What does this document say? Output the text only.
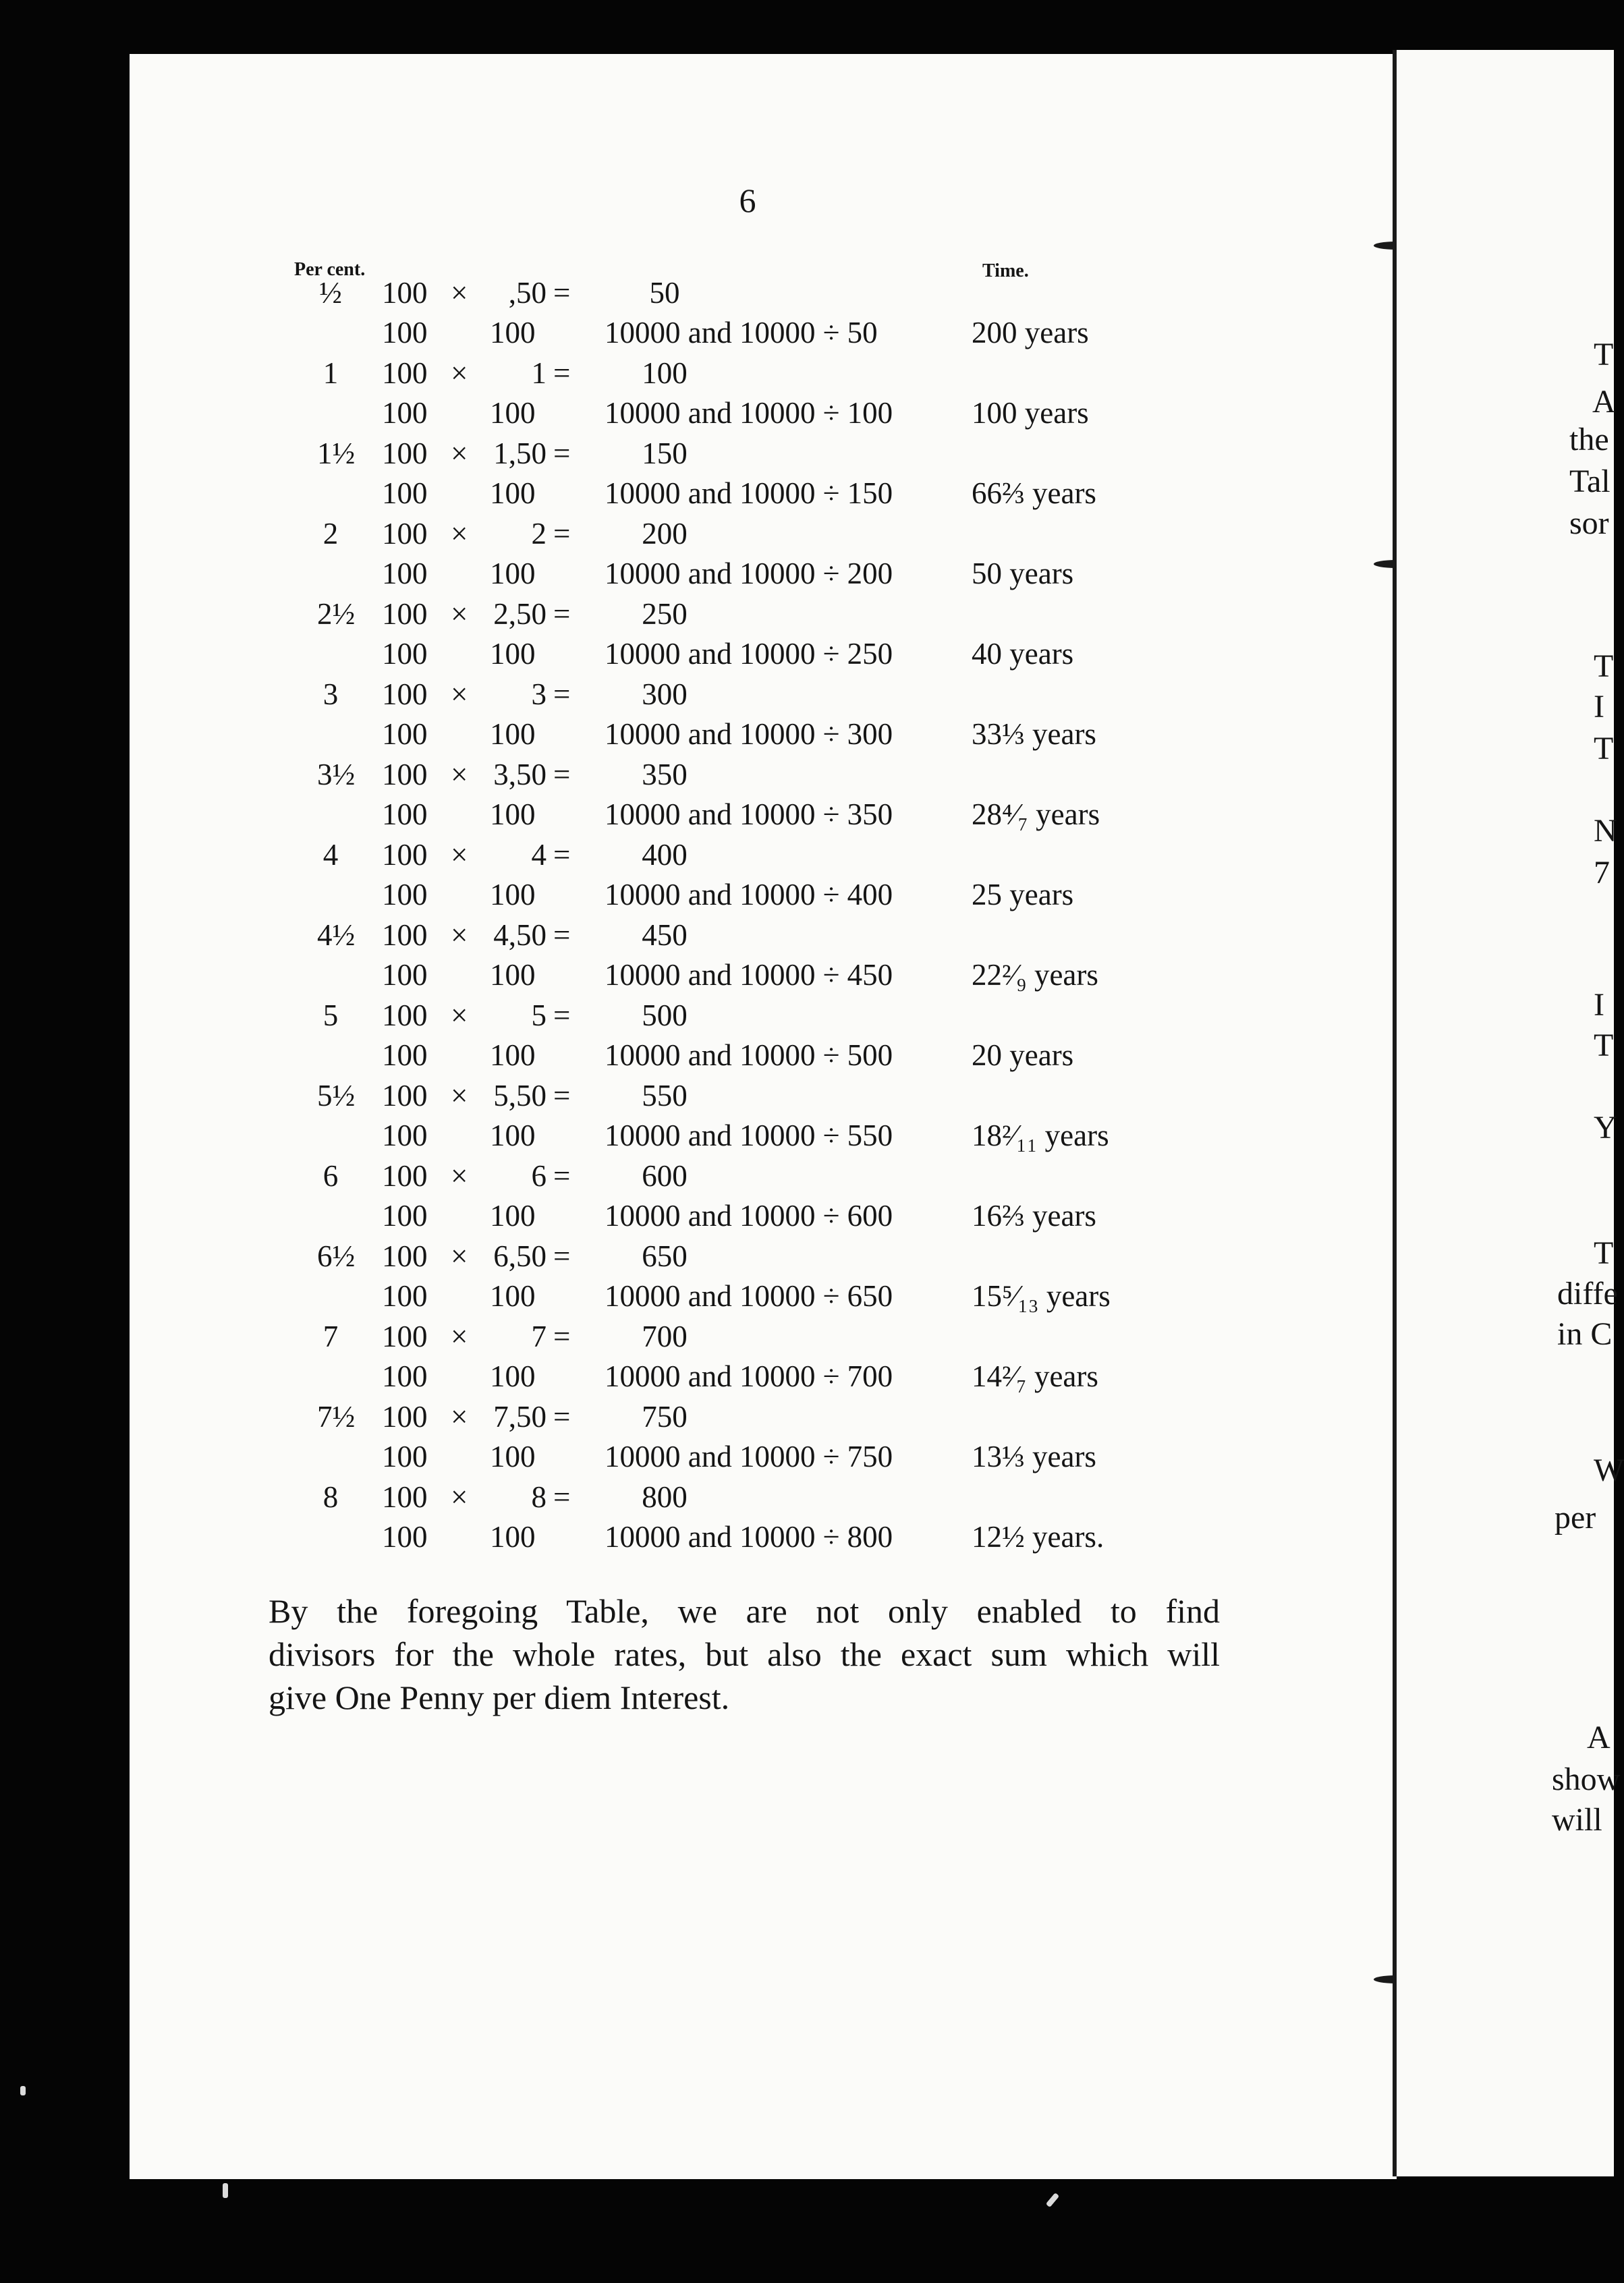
6
Per cent.	Time.
½ 100 ×	,50 =	50
100 100 10000 and 10000 ÷ 50	200 years
1 100 ×	1 =	100
100 100 10000 and 10000 ÷ 100	100 years
1½ 100 × 1,50 =	150
100 100 10000 and 10000 ÷ 150	66⅔ years
2 100 ×	2 =	200
100 100 10000 and 10000 ÷ 200	50 years
2½ 100 × 2,50 =	250
100 100 10000 and 10000 ÷ 250	40 years
3 100 ×	3 =	300
100 100 10000 and 10000 ÷ 300	33⅓ years
3½ 100 × 3,50 =	350
100 100 10000 and 10000 ÷ 350	28⁴⁄₇ years
4 100 ×	4 =	400
100 100 10000 and 10000 ÷ 400	25 years
4½ 100 × 4,50 =	450
100 100 10000 and 10000 ÷ 450	22²⁄₉ years
5 100 ×	5 =	500
100 100 10000 and 10000 ÷ 500	20 years
5½ 100 × 5,50 =	550
100 100 10000 and 10000 ÷ 550	18²⁄₁₁ years
6 100 ×	6 =	600
100 100 10000 and 10000 ÷ 600	16⅔ years
6½ 100 × 6,50 =	650
100 100 10000 and 10000 ÷ 650	15⁵⁄₁₃ years
7 100 ×	7 =	700
100 100 10000 and 10000 ÷ 700	14²⁄₇ years
7½ 100 × 7,50 =	750
100 100 10000 and 10000 ÷ 750	13⅓ years
8 100 ×	8 =	800
100 100 10000 and 10000 ÷ 800	12½ years.
By the foregoing Table, we are not only enabled to find
divisors for the whole rates, but also the exact sum which will
give One Penny per diem Interest.
T
A
the
Tal
sor
T
I
T
N
7
I
T
Y
T
diffe
in C
W
per
A
show
will
